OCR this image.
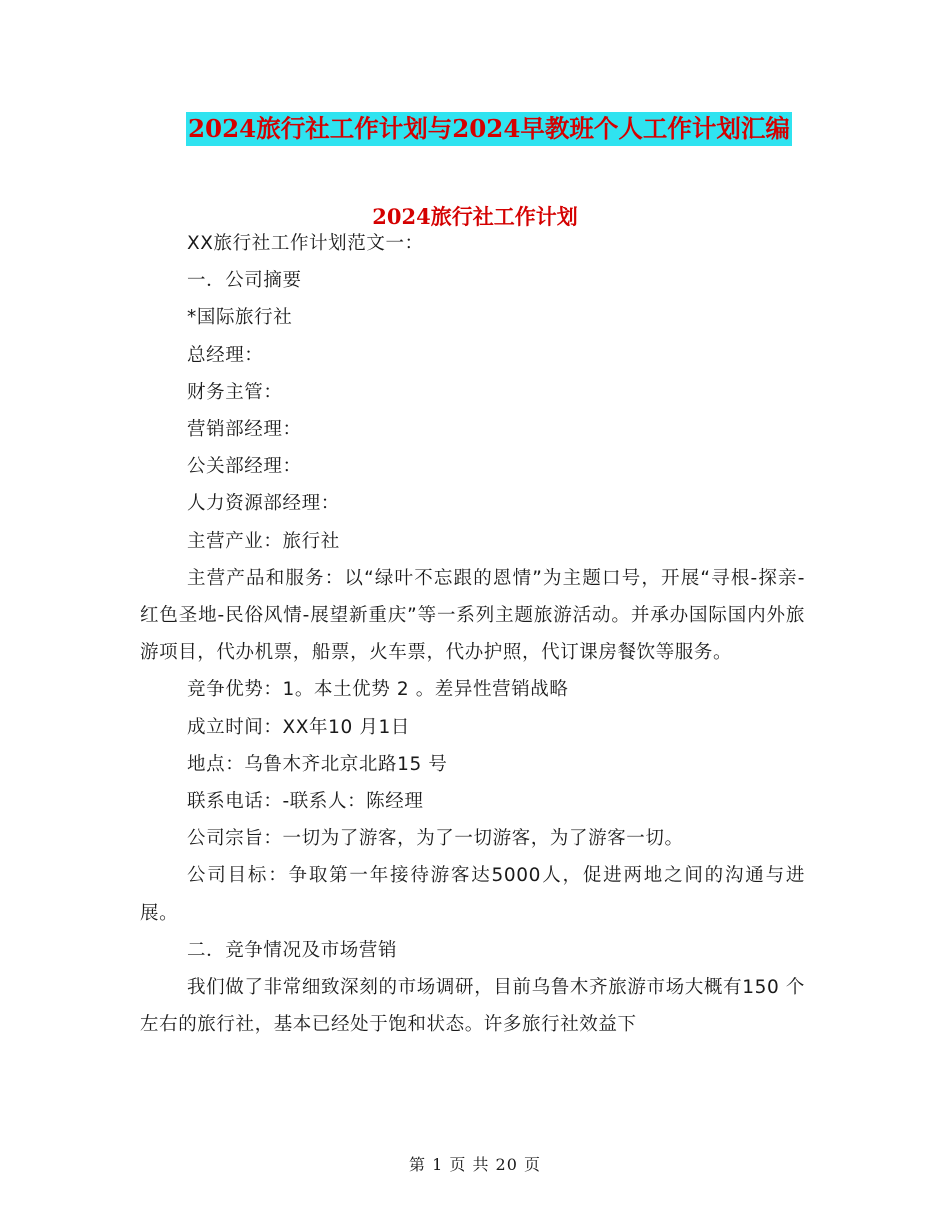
2024旅行社工作计划与2024早教班个人工作计划汇编
2024旅行社工作计划

XX旅行社工作计划范文一：

一．公司摘要

*国际旅行社

总经理：

财务主管：

营销部经理：

公关部经理：

人力资源部经理：

主营产业：旅行社

主营产品和服务：以“绿叶不忘跟的恩情”为主题口号，开展“寻根-探亲-红色圣地-民俗风情-展望新重庆”等一系列主题旅游活动。并承办国际国内外旅游项目，代办机票，船票，火车票，代办护照，代订课房餐饮等服务。

竞争优势：1。本土优势 2 。差异性营销战略

成立时间：XX年10 月1日

地点：乌鲁木齐北京北路15 号

联系电话：-联系人：陈经理

公司宗旨：一切为了游客，为了一切游客，为了游客一切。

公司目标：争取第一年接待游客达5000人，促进两地之间的沟通与进展。

二．竞争情况及市场营销

我们做了非常细致深刻的市场调研，目前乌鲁木齐旅游市场大概有150 个左右的旅行社，基本已经处于饱和状态。许多旅行社效益下

第 1 页 共 20 页
